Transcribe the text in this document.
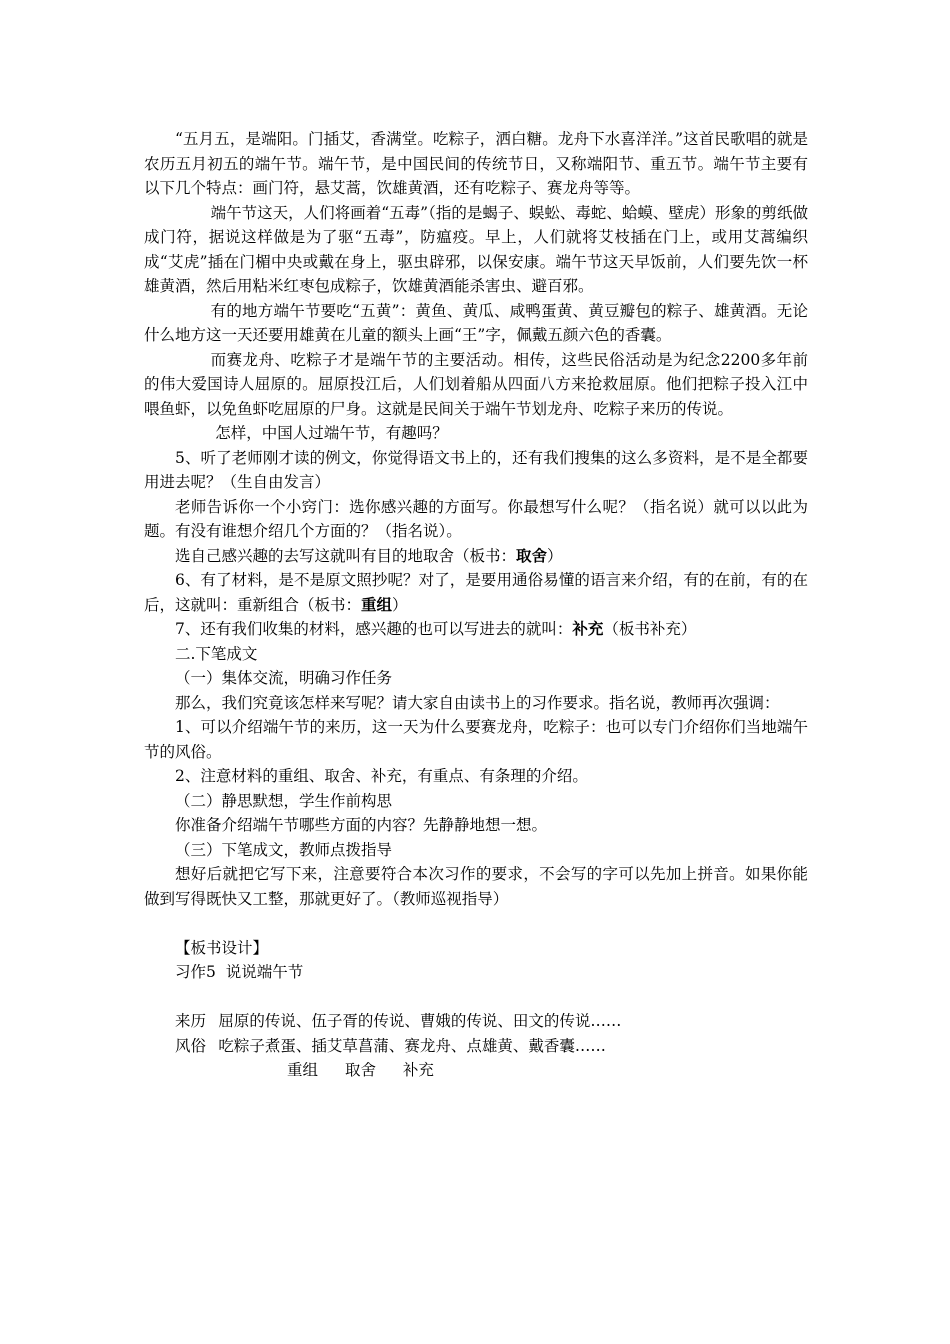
“五月五，是端阳。门插艾，香满堂。吃粽子，洒白糖。龙舟下水喜洋洋。”这首民歌唱的就是农历五月初五的端午节。端午节，是中国民间的传统节日，又称端阳节、重五节。端午节主要有以下几个特点：画门符，悬艾蒿，饮雄黄酒，还有吃粽子、赛龙舟等等。

端午节这天，人们将画着“五毒”（指的是蝎子、蜈蚣、毒蛇、蛤蟆、壁虎）形象的剪纸做成门符，据说这样做是为了驱“五毒”，防瘟疫。早上，人们就将艾枝插在门上，或用艾蒿编织成“艾虎”插在门楣中央或戴在身上，驱虫辟邪，以保安康。端午节这天早饭前，人们要先饮一杯雄黄酒，然后用粘米红枣包成粽子，饮雄黄酒能杀害虫、避百邪。

有的地方端午节要吃“五黄”：黄鱼、黄瓜、咸鸭蛋黄、黄豆瓣包的粽子、雄黄酒。无论什么地方这一天还要用雄黄在儿童的额头上画“王”字，佩戴五颜六色的香囊。

而赛龙舟、吃粽子才是端午节的主要活动。相传，这些民俗活动是为纪念2200多年前的伟大爱国诗人屈原的。屈原投江后，人们划着船从四面八方来抢救屈原。他们把粽子投入江中喂鱼虾，以免鱼虾吃屈原的尸身。这就是民间关于端午节划龙舟、吃粽子来历的传说。

怎样，中国人过端午节，有趣吗？

5、听了老师刚才读的例文，你觉得语文书上的，还有我们搜集的这么多资料，是不是全都要用进去呢？（生自由发言）

老师告诉你一个小窍门：选你感兴趣的方面写。你最想写什么呢？（指名说）就可以以此为题。有没有谁想介绍几个方面的？（指名说）。

选自己感兴趣的去写这就叫有目的地取舍（板书：取舍）

6、有了材料，是不是原文照抄呢？对了，是要用通俗易懂的语言来介绍，有的在前，有的在后，这就叫：重新组合（板书：重组）

7、还有我们收集的材料，感兴趣的也可以写进去的就叫：补充（板书补充）

二.下笔成文

（一）集体交流，明确习作任务

那么，我们究竟该怎样来写呢？请大家自由读书上的习作要求。指名说，教师再次强调：

1、可以介绍端午节的来历，这一天为什么要赛龙舟，吃粽子：也可以专门介绍你们当地端午节的风俗。

2、注意材料的重组、取舍、补充，有重点、有条理的介绍。

（二）静思默想，学生作前构思

你准备介绍端午节哪些方面的内容？先静静地想一想。

（三）下笔成文，教师点拨指导

想好后就把它写下来，注意要符合本次习作的要求，不会写的字可以先加上拼音。如果你能做到写得既快又工整，那就更好了。（教师巡视指导）

【板书设计】

习作5  说说端午节

来历 屈原的传说、伍子胥的传说、曹娥的传说、田文的传说……
风俗 吃粽子煮蛋、插艾草菖蒲、赛龙舟、点雄黄、戴香囊……
重组 取舍 补充
